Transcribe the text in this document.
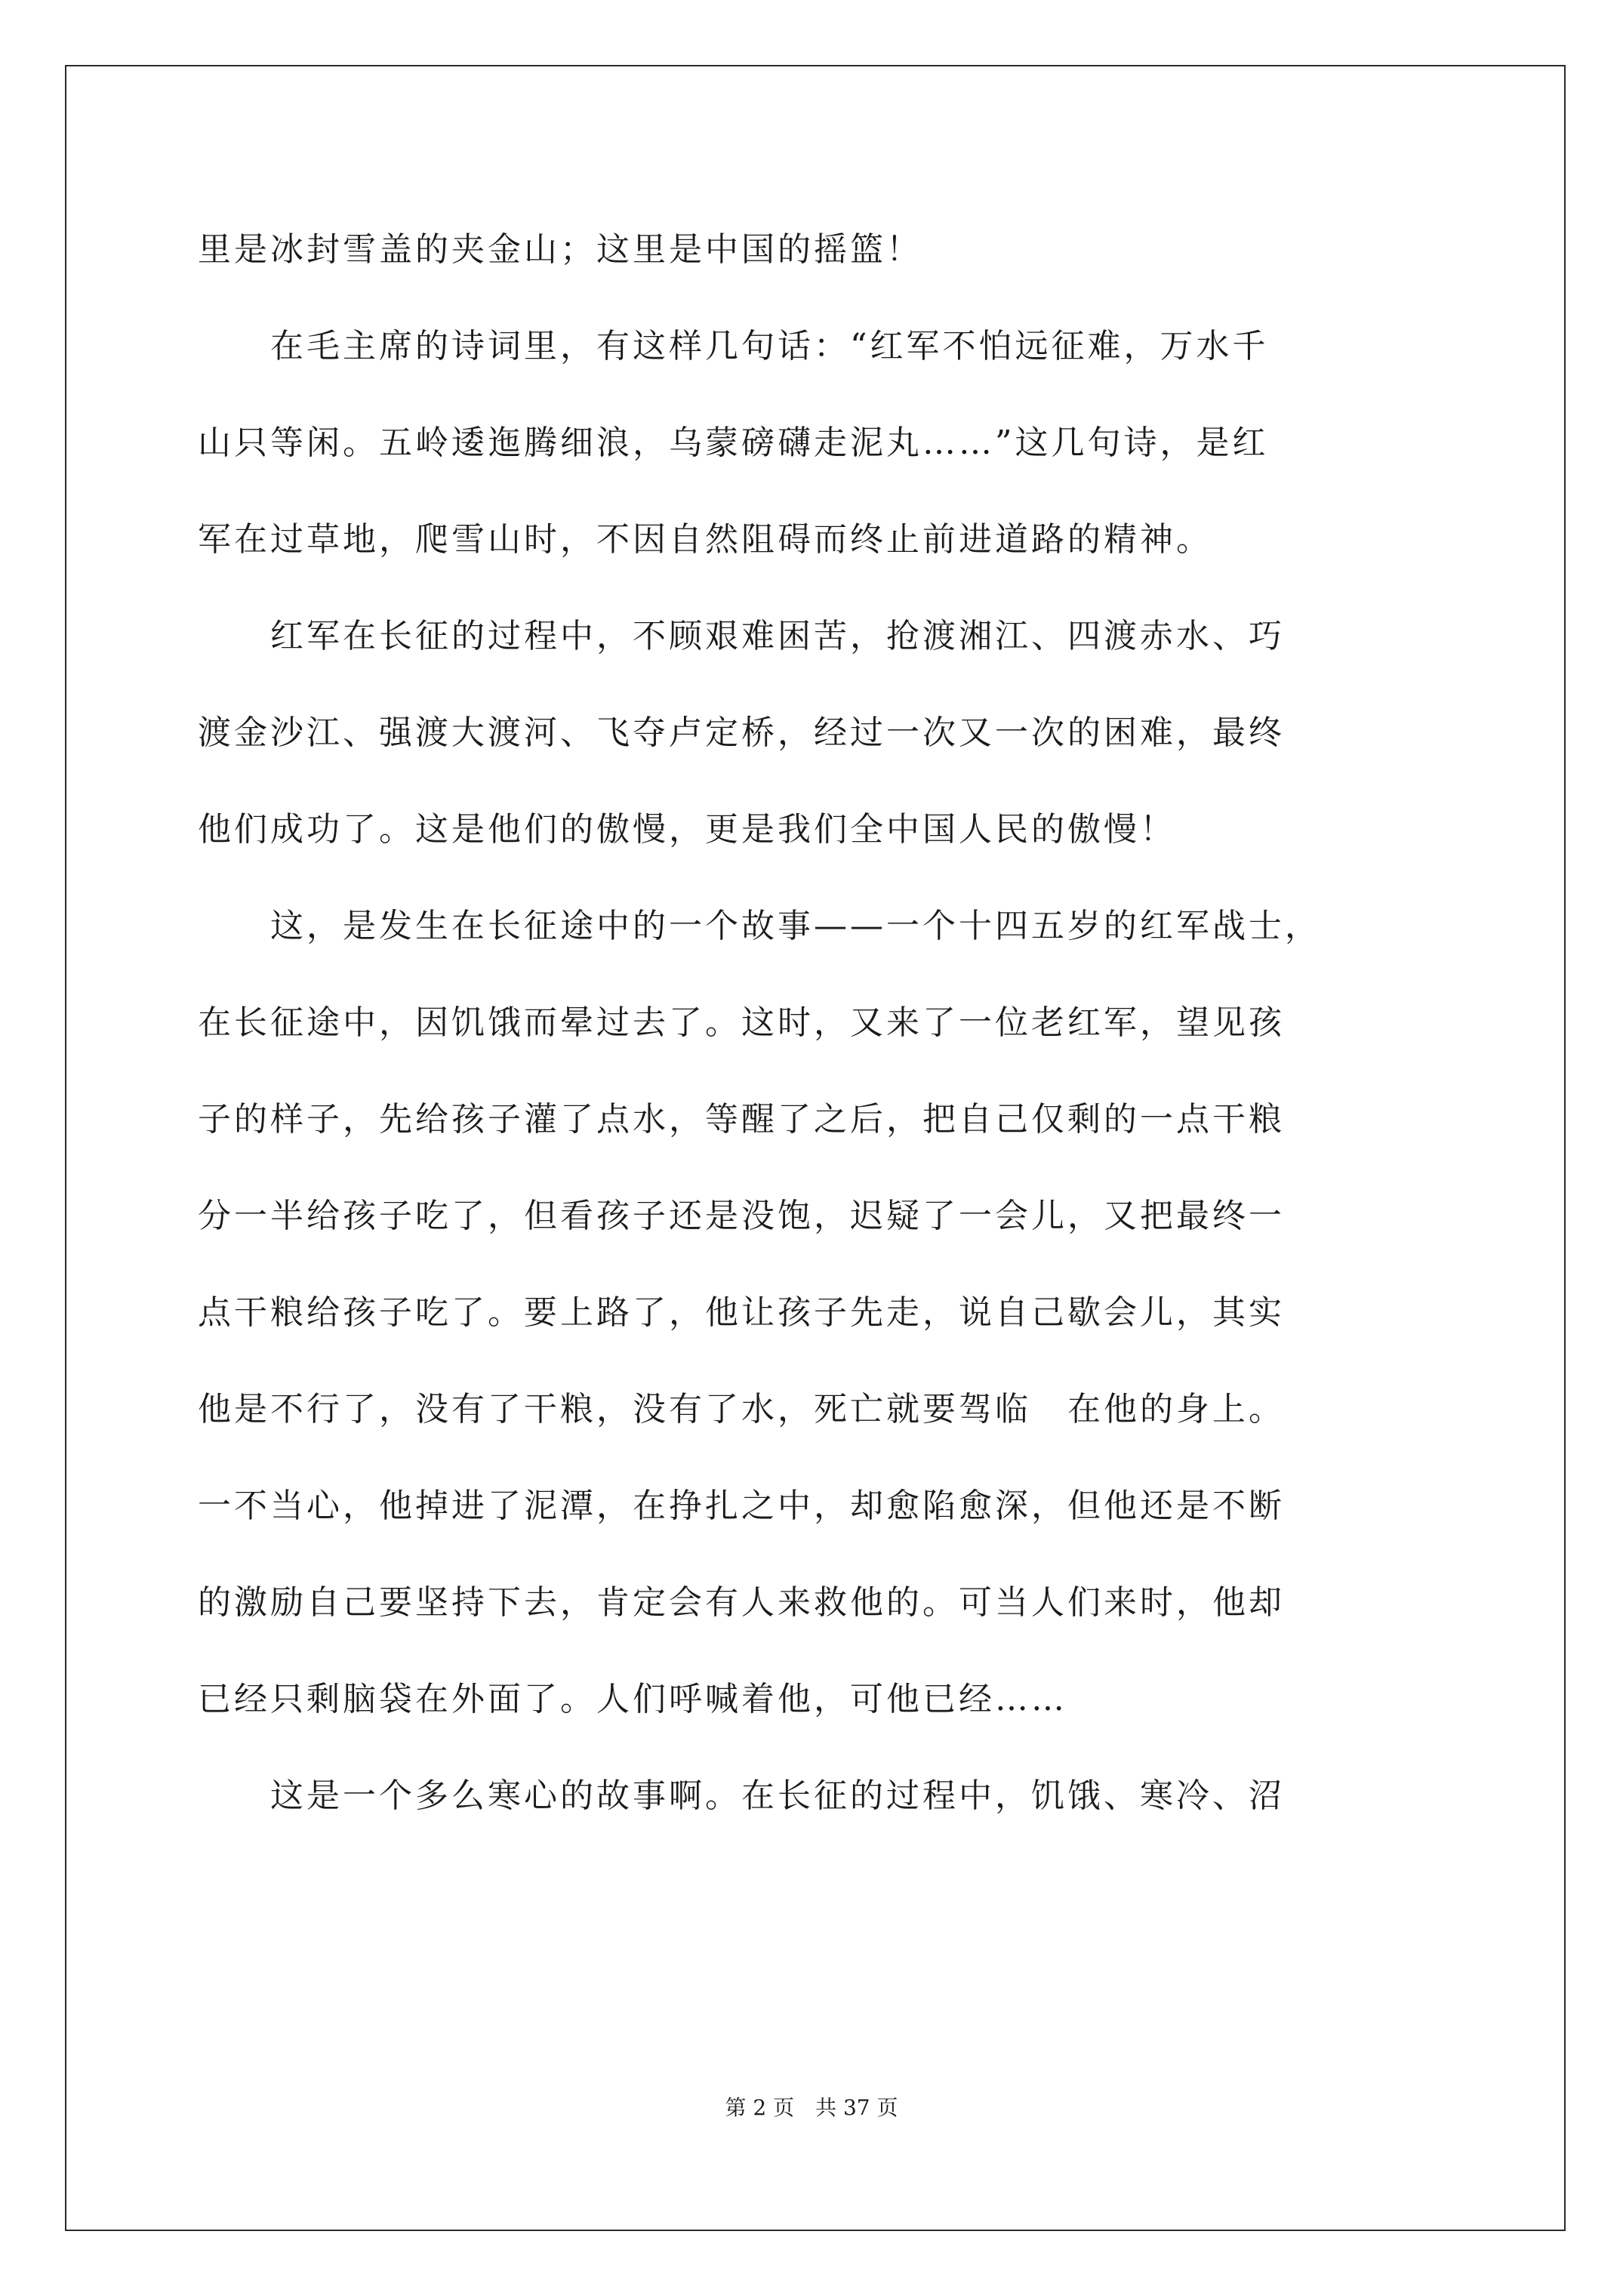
里是冰封雪盖的夹金山；这里是中国的摇篮！
　　在毛主席的诗词里，有这样几句话：“红军不怕远征难，万水千
山只等闲。五岭逶迤腾细浪，乌蒙磅礴走泥丸……”这几句诗，是红
军在过草地，爬雪山时，不因自然阻碍而终止前进道路的精神。
　　红军在长征的过程中，不顾艰难困苦，抢渡湘江、四渡赤水、巧
渡金沙江、强渡大渡河、飞夺卢定桥，经过一次又一次的困难，最终
他们成功了。这是他们的傲慢，更是我们全中国人民的傲慢！
　　这，是发生在长征途中的一个故事——一个十四五岁的红军战士，
在长征途中，因饥饿而晕过去了。这时，又来了一位老红军，望见孩
子的样子，先给孩子灌了点水，等醒了之后，把自己仅剩的一点干粮
分一半给孩子吃了，但看孩子还是没饱，迟疑了一会儿，又把最终一
点干粮给孩子吃了。要上路了，他让孩子先走，说自己歇会儿，其实
他是不行了，没有了干粮，没有了水，死亡就要驾临　在他的身上。
一不当心，他掉进了泥潭，在挣扎之中，却愈陷愈深，但他还是不断
的激励自己要坚持下去，肯定会有人来救他的。可当人们来时，他却
已经只剩脑袋在外面了。人们呼喊着他，可他已经……
　　这是一个多么寒心的故事啊。在长征的过程中，饥饿、寒冷、沼
第 2 页　共 37 页
